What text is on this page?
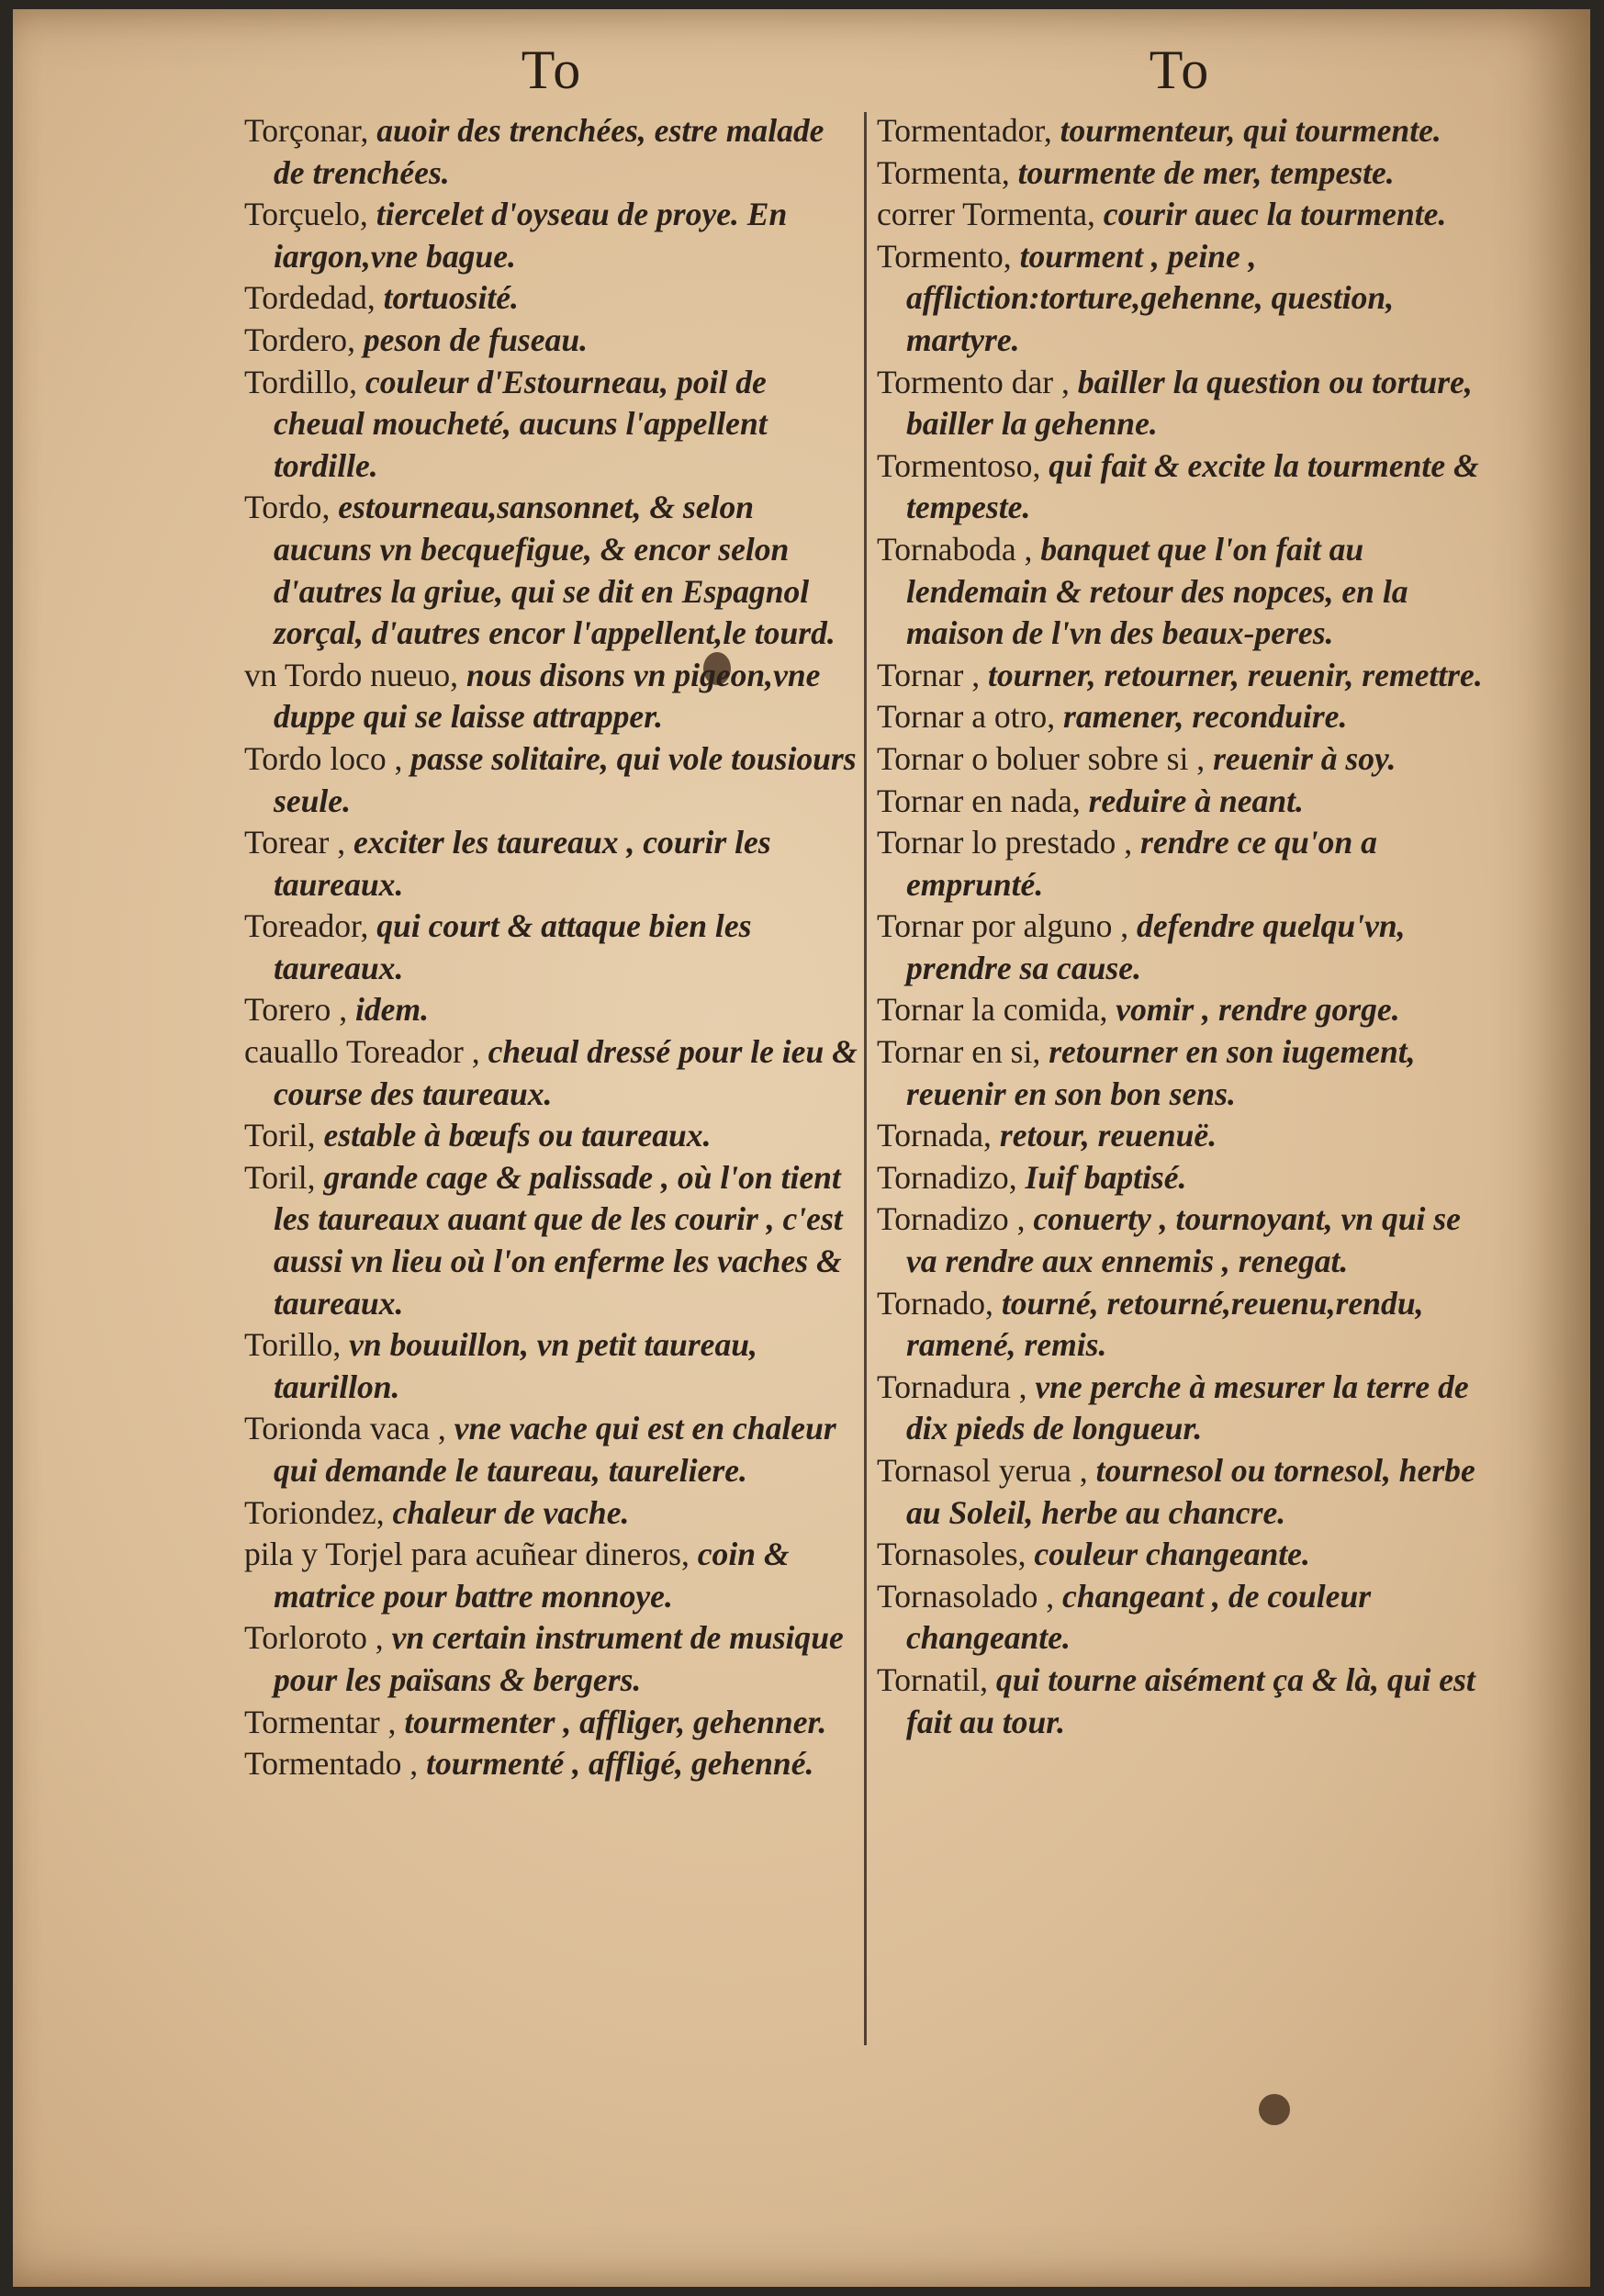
To

Torçonar, auoir des trenchées, estre malade de trenchées.

Torçuelo, tiercelet d'oyseau de proye. En iargon,vne bague.

Tordedad, tortuosité.

Tordero, peson de fuseau.

Tordillo, couleur d'Estourneau, poil de cheual moucheté, aucuns l'appellent tordille.

Tordo, estourneau,sansonnet, & selon aucuns vn becquefigue, & encor selon d'autres la griue, qui se dit en Espagnol zorçal, d'autres encor l'appellent,le tourd.

vn Tordo nueuo, nous disons vn pigeon,vne duppe qui se laisse attrapper.

Tordo loco , passe solitaire, qui vole tousiours seule.

Torear , exciter les taureaux , courir les taureaux.

Toreador, qui court & attaque bien les taureaux.

Torero , idem.

cauallo Toreador , cheual dressé pour le ieu & course des taureaux.

Toril, estable à bœufs ou taureaux.

Toril, grande cage & palissade , où l'on tient les taureaux auant que de les courir , c'est aussi vn lieu où l'on enferme les vaches & taureaux.

Torillo, vn bouuillon, vn petit taureau, taurillon.

Torionda vaca , vne vache qui est en chaleur qui demande le taureau, taureliere.

Toriondez, chaleur de vache.

pila y Torjel para acuñear dineros, coin & matrice pour battre monnoye.

Torloroto , vn certain instrument de musique pour les païsans & bergers.

Tormentar , tourmenter , affliger, gehenner.

Tormentado , tourmenté , affligé, gehenné.

To

Tormentador, tourmenteur, qui tourmente.

Tormenta, tourmente de mer, tempeste.

correr Tormenta, courir auec la tourmente.

Tormento, tourment , peine , affliction:torture,gehenne, question, martyre.

Tormento dar , bailler la question ou torture, bailler la gehenne.

Tormentoso, qui fait & excite la tourmente & tempeste.

Tornaboda , banquet que l'on fait au lendemain & retour des nopces, en la maison de l'vn des beaux-peres.

Tornar , tourner, retourner, reuenir, remettre.

Tornar a otro, ramener, reconduire.

Tornar o boluer sobre si , reuenir à soy.

Tornar en nada, reduire à neant.

Tornar lo prestado , rendre ce qu'on a emprunté.

Tornar por alguno , defendre quelqu'vn, prendre sa cause.

Tornar la comida, vomir , rendre gorge.

Tornar en si, retourner en son iugement, reuenir en son bon sens.

Tornada, retour, reuenuë.

Tornadizo, Iuif baptisé.

Tornadizo , conuerty , tournoyant, vn qui se va rendre aux ennemis , renegat.

Tornado, tourné, retourné,reuenu,rendu, ramené, remis.

Tornadura , vne perche à mesurer la terre de dix pieds de longueur.

Tornasol yerua , tournesol ou tornesol, herbe au Soleil, herbe au chancre.

Tornasoles, couleur changeante.

Tornasolado , changeant , de couleur changeante.

Tornatil, qui tourne aisément ça & là, qui est fait au tour.
